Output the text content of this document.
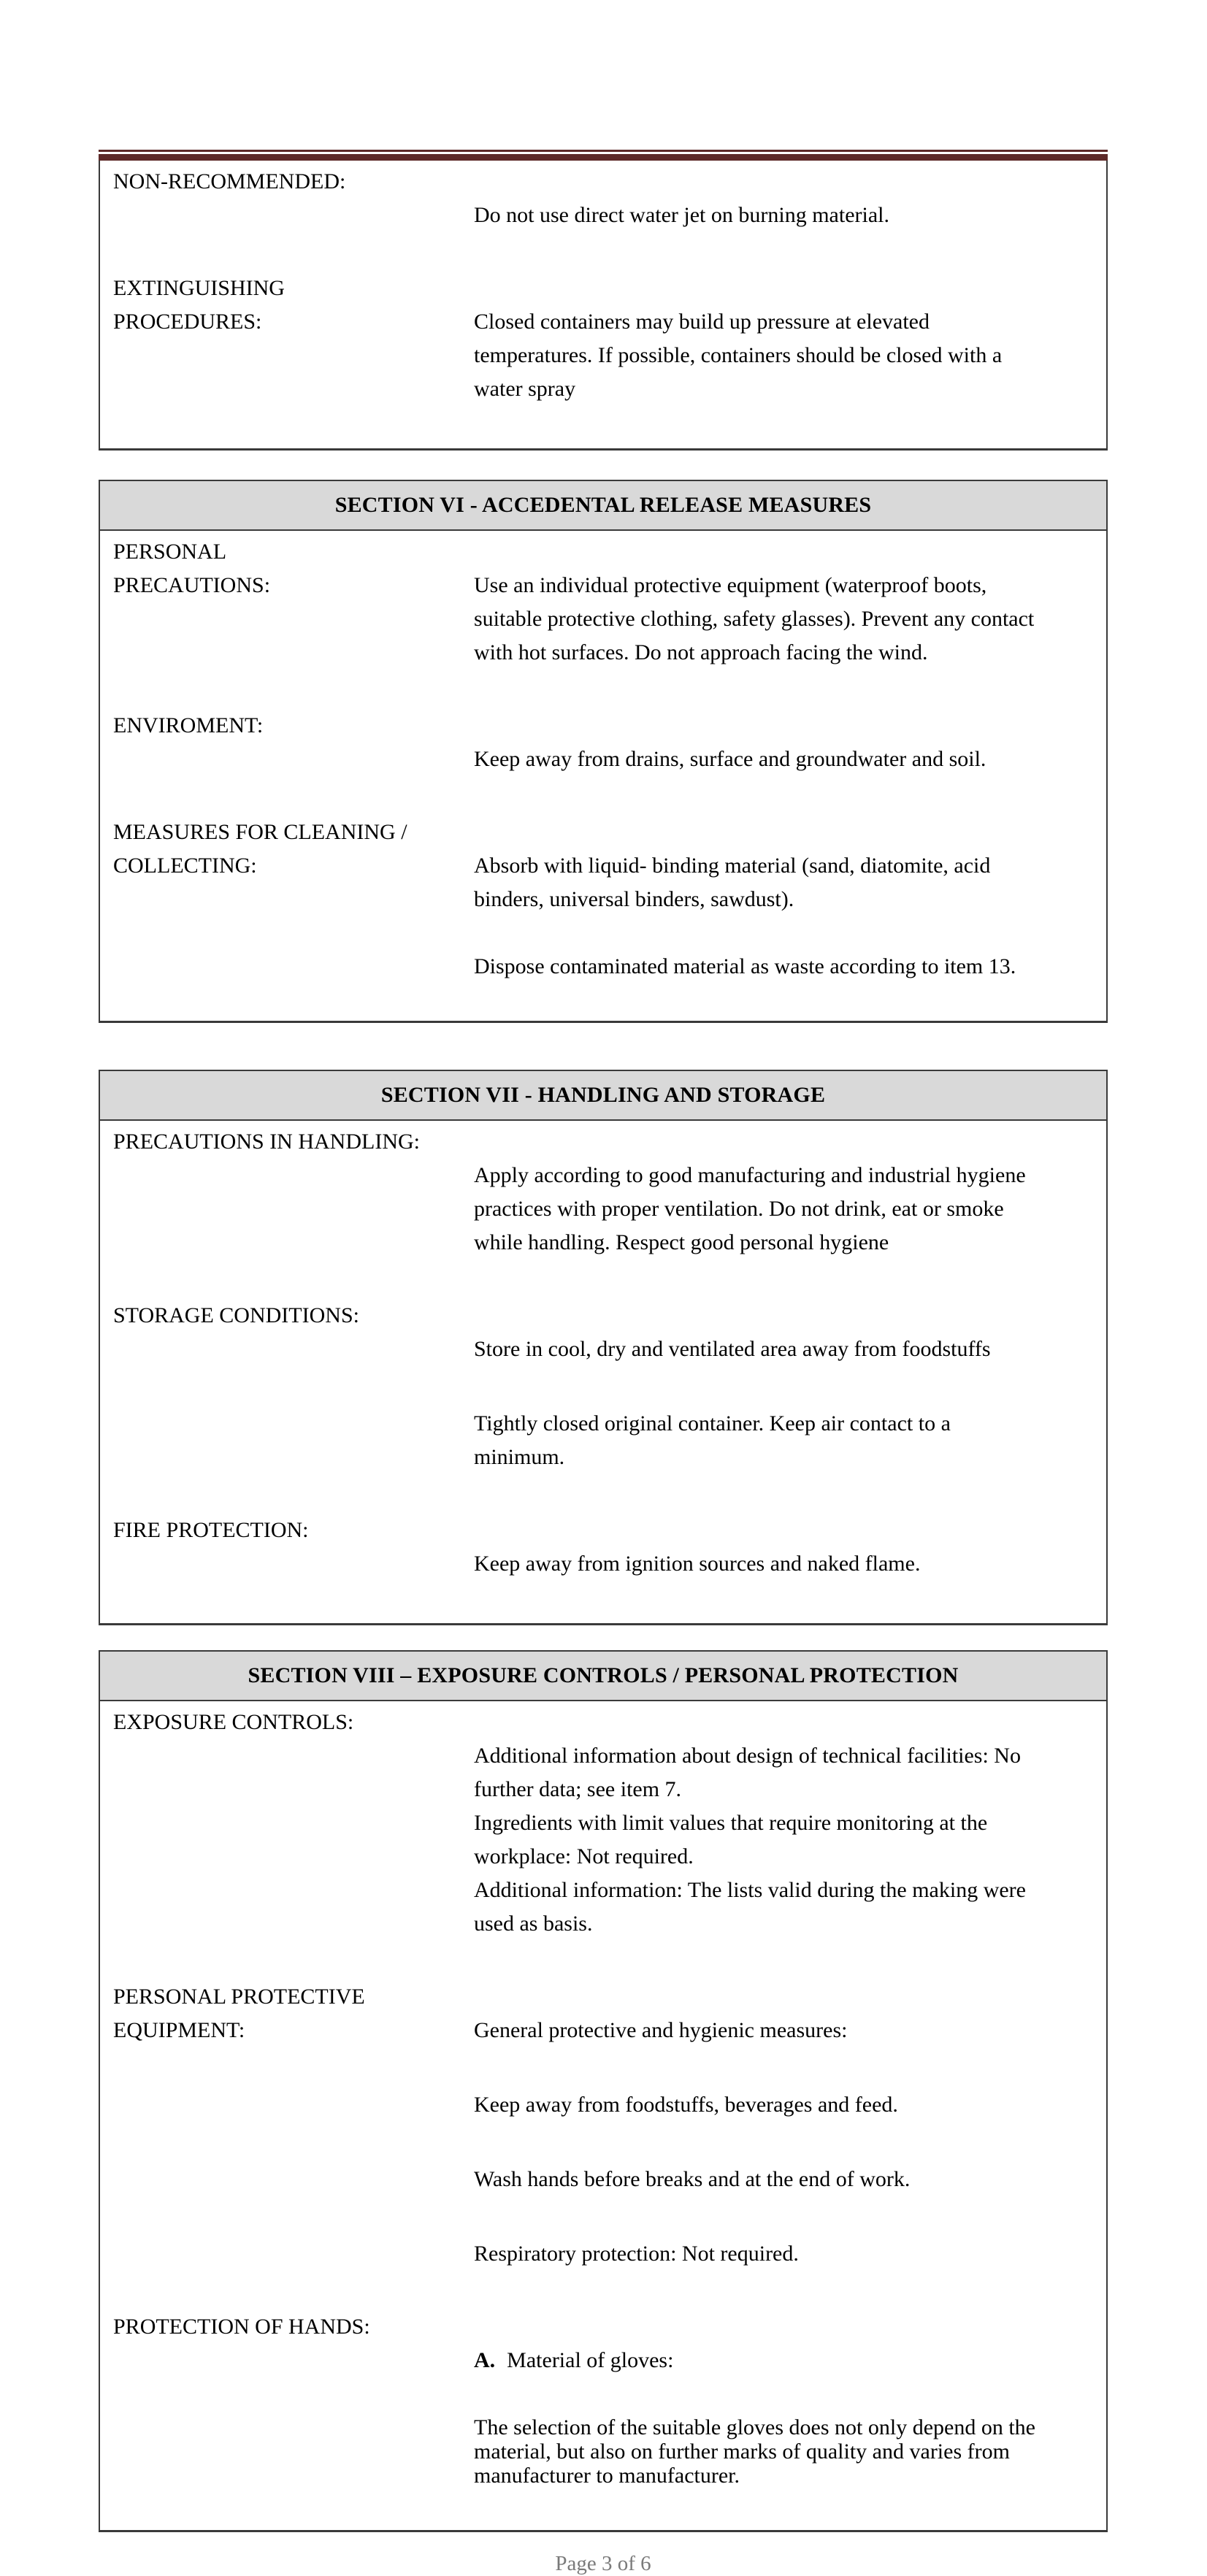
NON-RECOMMENDED:

Do not use direct water jet on burning material.

EXTINGUISHING
PROCEDURES:	Closed containers may build up pressure at elevated
temperatures. If possible, containers should be closed with a
water spray

SECTION VI - ACCEDENTAL RELEASE MEASURES
PERSONAL
PRECAUTIONS:	Use an individual protective equipment (waterproof boots,
suitable protective clothing, safety glasses). Prevent any contact
with hot surfaces. Do not approach facing the wind.

ENVIROMENT:

Keep away from drains, surface and groundwater and soil.

MEASURES FOR CLEANING /
COLLECTING:	Absorb with liquid- binding material (sand, diatomite, acid
binders, universal binders, sawdust).

Dispose contaminated material as waste according to item 13.

SECTION VII - HANDLING AND STORAGE
PRECAUTIONS IN HANDLING:

Apply according to good manufacturing and industrial hygiene
practices with proper ventilation. Do not drink, eat or smoke
while handling. Respect good personal hygiene

STORAGE CONDITIONS:

Store in cool, dry and ventilated area away from foodstuffs

Tightly closed original container. Keep air contact to a
minimum.

FIRE PROTECTION:

Keep away from ignition sources and naked flame.

SECTION VIII – EXPOSURE CONTROLS / PERSONAL PROTECTION
EXPOSURE CONTROLS:

Additional information about design of technical facilities: No
further data; see item 7.
Ingredients with limit values that require monitoring at the
workplace: Not required.
Additional information: The lists valid during the making were
used as basis.

PERSONAL PROTECTIVE
EQUIPMENT:	General protective and hygienic measures:

Keep away from foodstuffs, beverages and feed.

Wash hands before breaks and at the end of work.

Respiratory protection: Not required.

PROTECTION OF HANDS:

A. Material of gloves:

The selection of the suitable gloves does not only depend on the
material, but also on further marks of quality and varies from
manufacturer to manufacturer.

Page 3 of 6
